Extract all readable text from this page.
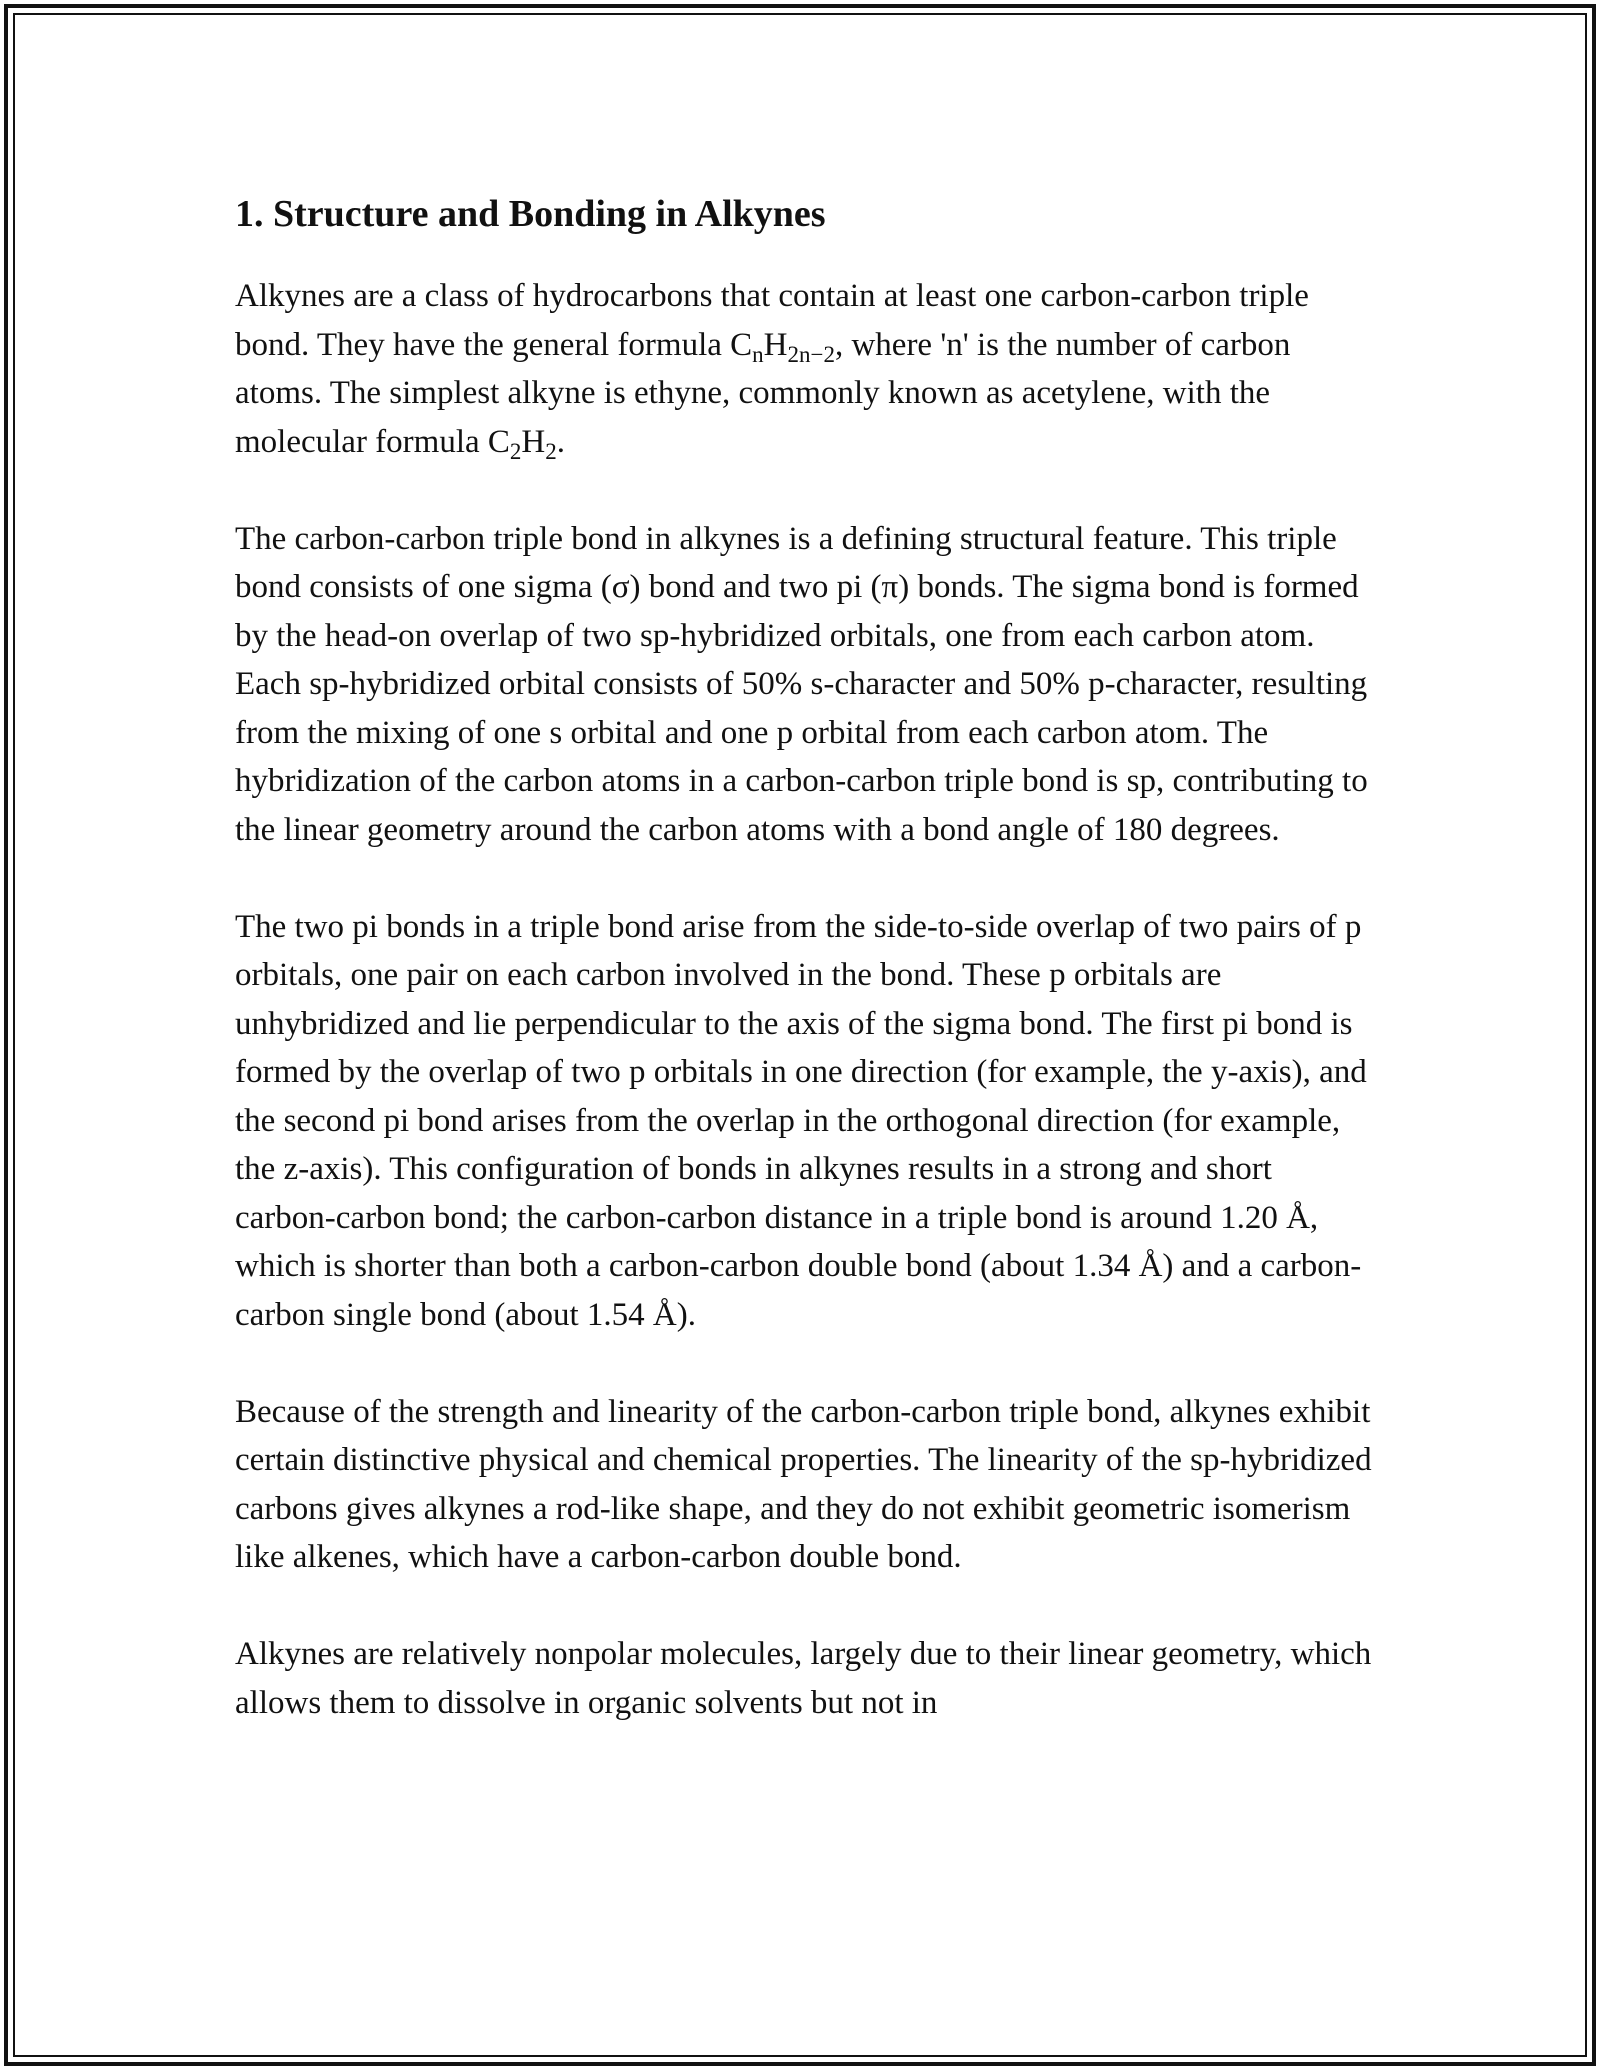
1. Structure and Bonding in Alkynes

Alkynes are a class of hydrocarbons that contain at least one carbon-carbon triple bond. They have the general formula $C_nH_{2n-2}$, where 'n' is the number of carbon atoms. The simplest alkyne is ethyne, commonly known as acetylene, with the molecular formula $C_2H_2$.

The carbon-carbon triple bond in alkynes is a defining structural feature. This triple bond consists of one sigma (σ) bond and two pi (π) bonds. The sigma bond is formed by the head-on overlap of two sp-hybridized orbitals, one from each carbon atom. Each sp-hybridized orbital consists of 50% s-character and 50% p-character, resulting from the mixing of one s orbital and one p orbital from each carbon atom. The hybridization of the carbon atoms in a carbon-carbon triple bond is sp, contributing to the linear geometry around the carbon atoms with a bond angle of 180 degrees.

The two pi bonds in a triple bond arise from the side-to-side overlap of two pairs of p orbitals, one pair on each carbon involved in the bond. These p orbitals are unhybridized and lie perpendicular to the axis of the sigma bond. The first pi bond is formed by the overlap of two p orbitals in one direction (for example, the y-axis), and the second pi bond arises from the overlap in the orthogonal direction (for example, the z-axis). This configuration of bonds in alkynes results in a strong and short carbon-carbon bond; the carbon-carbon distance in a triple bond is around 1.20 Å, which is shorter than both a carbon-carbon double bond (about 1.34 Å) and a carbon-carbon single bond (about 1.54 Å).

Because of the strength and linearity of the carbon-carbon triple bond, alkynes exhibit certain distinctive physical and chemical properties. The linearity of the sp-hybridized carbons gives alkynes a rod-like shape, and they do not exhibit geometric isomerism like alkenes, which have a carbon-carbon double bond.

Alkynes are relatively nonpolar molecules, largely due to their linear geometry, which allows them to dissolve in organic solvents but not in
